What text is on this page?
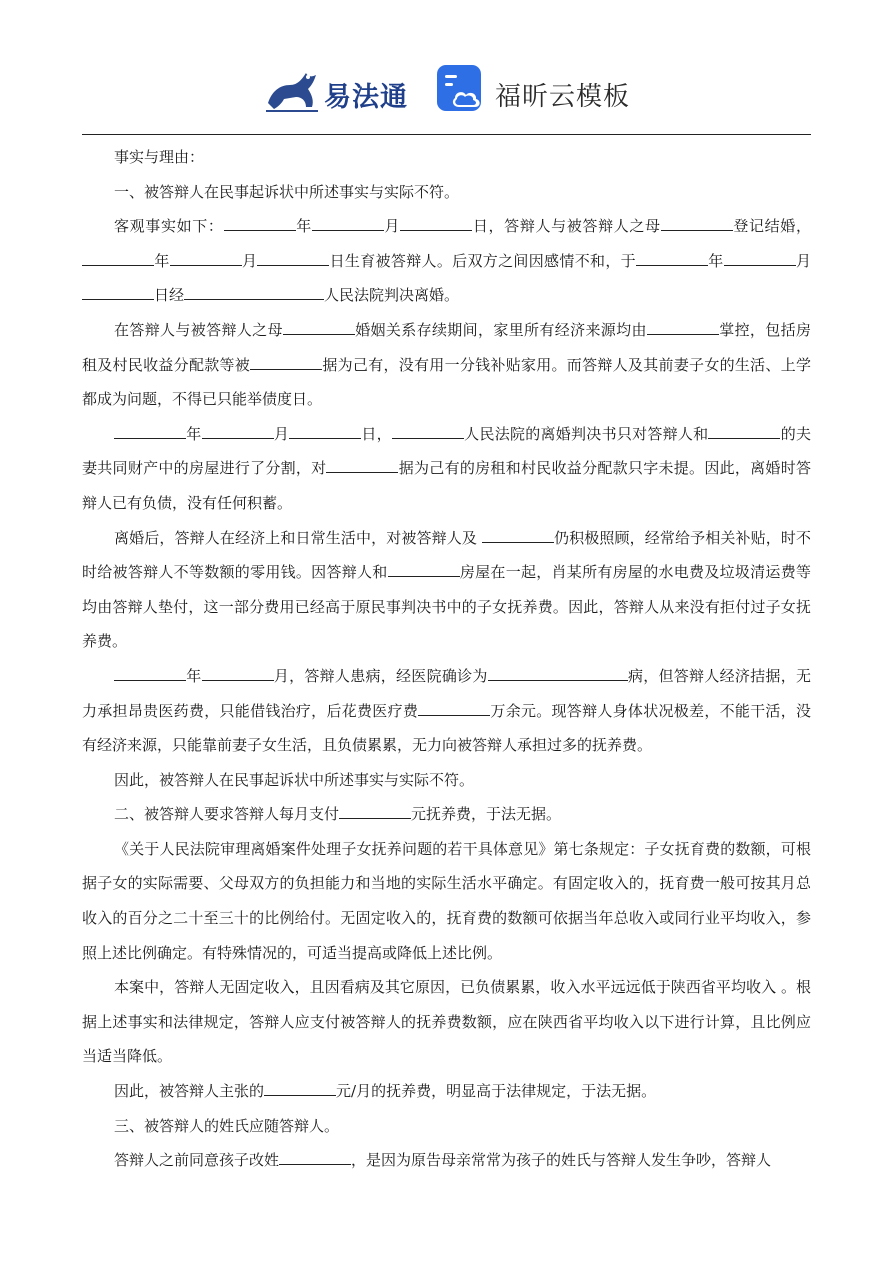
易法通	福昕云模板

事实与理由：

一、被答辩人在民事起诉状中所述事实与实际不符。

客观事实如下：	年	月	日，答辩人与被答辩人之母	登记结婚，年	月	日生育被答辩人。后双方之间因感情不和，于	年	月日经	人民法院判决离婚。

在答辩人与被答辩人之母	婚姻关系存续期间，家里所有经济来源均由	掌控，包括房租及村民收益分配款等被	据为己有，没有用一分钱补贴家用。而答辩人及其前妻子女的生活、上学都成为问题，不得已只能举债度日。

年	月	日，	人民法院的离婚判决书只对答辩人和	的夫妻共同财产中的房屋进行了分割，对	据为己有的房租和村民收益分配款只字未提。因此，离婚时答辩人已有负债，没有任何积蓄。

离婚后，答辩人在经济上和日常生活中，对被答辩人及	仍积极照顾，经常给予相关补贴，时不时给被答辩人不等数额的零用钱。因答辩人和	房屋在一起，肖某所有房屋的水电费及垃圾清运费等均由答辩人垫付，这一部分费用已经高于原民事判决书中的子女抚养费。因此，答辩人从来没有拒付过子女抚养费。

年	月，答辩人患病，经医院确诊为	病，但答辩人经济拮据，无力承担昂贵医药费，只能借钱治疗，后花费医疗费	万余元。现答辩人身体状况极差，不能干活，没有经济来源，只能靠前妻子女生活，且负债累累，无力向被答辩人承担过多的抚养费。

因此，被答辩人在民事起诉状中所述事实与实际不符。

二、被答辩人要求答辩人每月支付	元抚养费，于法无据。

《关于人民法院审理离婚案件处理子女抚养问题的若干具体意见》第七条规定：子女抚育费的数额，可根据子女的实际需要、父母双方的负担能力和当地的实际生活水平确定。有固定收入的，抚育费一般可按其月总收入的百分之二十至三十的比例给付。无固定收入的，抚育费的数额可依据当年总收入或同行业平均收入，参照上述比例确定。有特殊情况的，可适当提高或降低上述比例。

本案中，答辩人无固定收入，且因看病及其它原因，已负债累累，收入水平远远低于陕西省平均收入 。根据上述事实和法律规定，答辩人应支付被答辩人的抚养费数额，应在陕西省平均收入以下进行计算，且比例应当适当降低。

因此，被答辩人主张的	元/月的抚养费，明显高于法律规定，于法无据。

三、被答辩人的姓氏应随答辩人。

答辩人之前同意孩子改姓	，是因为原告母亲常常为孩子的姓氏与答辩人发生争吵，答辩人
